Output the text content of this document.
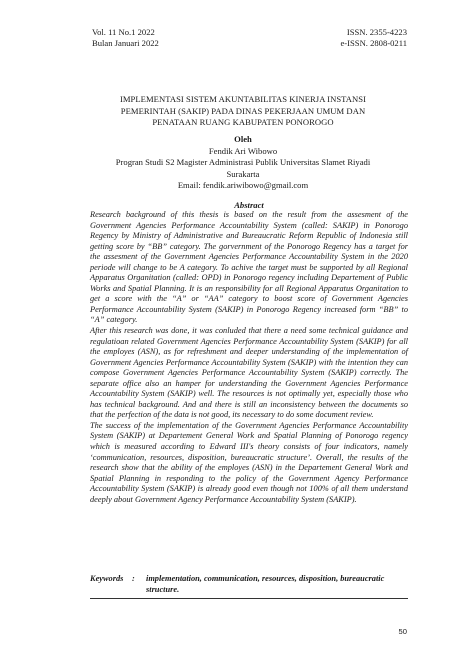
Vol. 11 No.1 2022
Bulan Januari 2022
ISSN. 2355-4223
e-ISSN. 2808-0211
IMPLEMENTASI SISTEM AKUNTABILITAS KINERJA INSTANSI
PEMERINTAH (SAKIP) PADA DINAS PEKERJAAN UMUM DAN
PENATAAN RUANG KABUPATEN PONOROGO
Oleh
Fendik Ari Wibowo
Progran Studi S2 Magister Administrasi Publik Universitas Slamet Riyadi
Surakarta
Email: fendik.ariwibowo@gmail.com
Abstract

Research background of this thesis is based on the result from the assesment of the Government Agencies Performance Accountability System (called: SAKIP) in Ponorogo Regency by Ministry of Administrative and Bureaucratic Reform Republic of Indonesia still getting score by “BB” category. The gorvernment of the Ponorogo Regency has a target for the assesment of the Government Agencies Performance Accountability System in the 2020 periode will change to be A category. To achive the target must be supported by all Regional Apparatus Organitation (called: OPD) in Ponorogo regency including Departement of Public Works and Spatial Planning. It is an responsibility for all Regional Apparatus Organitation to get a score with the “A” or “AA” category to boost score of Government Agencies Performance Accountability System (SAKIP) in Ponorogo Regency increased form “BB” to “A” category.

After this research was done, it was conluded that there a need some technical guidance and regulatioan related Government Agencies Performance Accountability System (SAKIP) for all the employes (ASN), as for refreshment and deeper understanding of the implementation of Government Agencies Performance Accountability System (SAKIP) with the intention they can compose Government Agencies Performance Accountability System (SAKIP) correctly. The separate office also an hamper for understanding the Government Agencies Performance Accountability System (SAKIP) well. The resources is not optimally yet, especially those who has technical background. And and there is still an inconsistency between the documents so that the perfection of the data is not good, its necessary to do some document review.

The success of the implementation of the Government Agencies Performance Accountability System (SAKIP) at Departement General Work and Spatial Planning of Ponorogo regency which is measured according to Edward III's theory consists of four indicators, namely ‘communication, resources, disposition, bureaucratic structure’. Overall, the results of the research show that the ability of the employes (ASN) in the Departement General Work and Spatial Planning in responding to the policy of the Government Agency Performance Accountability System (SAKIP) is already good even though not 100% of all them understand deeply about Government Agency Performance Accountability System (SAKIP).

Keywords : implementation, communication, resources, disposition, bureaucratic structure.
50
